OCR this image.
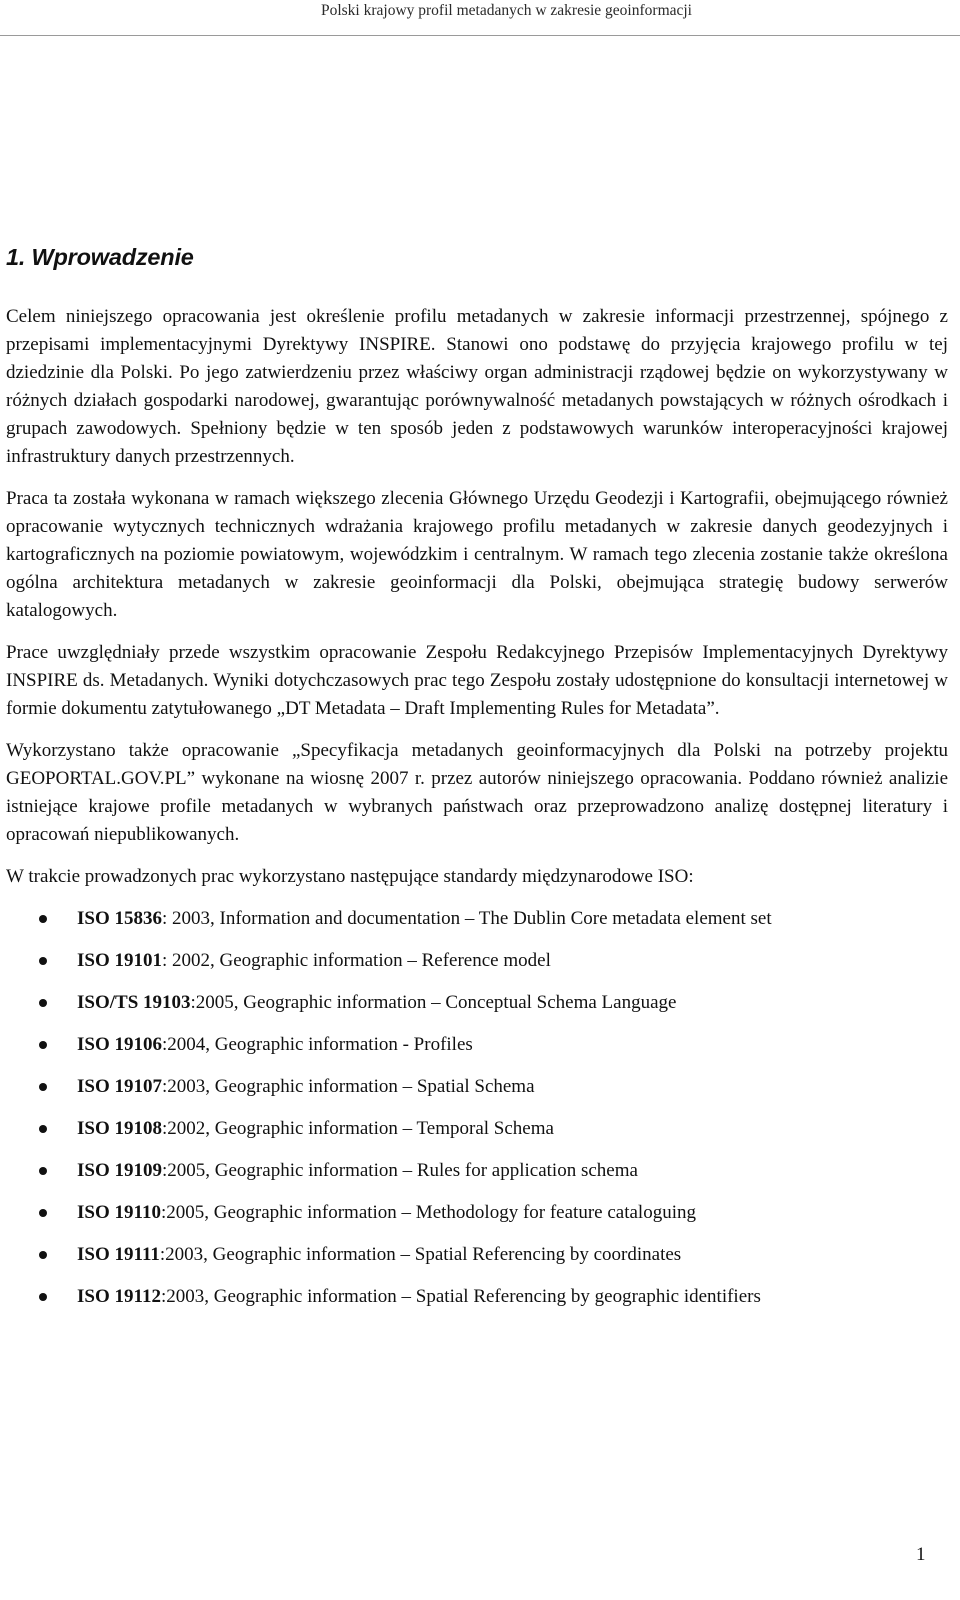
Polski krajowy profil metadanych w zakresie geoinformacji
1. Wprowadzenie

Celem niniejszego opracowania jest określenie profilu metadanych w zakresie informacji przestrzennej, spójnego z przepisami implementacyjnymi Dyrektywy INSPIRE. Stanowi ono podstawę do przyjęcia krajowego profilu w tej dziedzinie dla Polski. Po jego zatwierdzeniu przez właściwy organ administracji rządowej będzie on wykorzystywany w różnych działach gospodarki narodowej, gwarantując porównywalność metadanych powstających w różnych ośrodkach i grupach zawodowych. Spełniony będzie w ten sposób jeden z podstawowych warunków interoperacyjności krajowej infrastruktury danych przestrzennych.

Praca ta została wykonana w ramach większego zlecenia Głównego Urzędu Geodezji i Kartografii, obejmującego również opracowanie wytycznych technicznych wdrażania krajowego profilu metadanych w zakresie danych geodezyjnych i kartograficznych na poziomie powiatowym, wojewódzkim i centralnym. W ramach tego zlecenia zostanie także określona ogólna architektura metadanych w zakresie geoinformacji dla Polski, obejmująca strategię budowy serwerów katalogowych.

Prace uwzględniały przede wszystkim opracowanie Zespołu Redakcyjnego Przepisów Implementacyjnych Dyrektywy INSPIRE ds. Metadanych. Wyniki dotychczasowych prac tego Zespołu zostały udostępnione do konsultacji internetowej w formie dokumentu zatytułowanego „DT Metadata – Draft Implementing Rules for Metadata”.

Wykorzystano także opracowanie „Specyfikacja metadanych geoinformacyjnych dla Polski na potrzeby projektu GEOPORTAL.GOV.PL” wykonane na wiosnę 2007 r. przez autorów niniejszego opracowania. Poddano również analizie istniejące krajowe profile metadanych w wybranych państwach oraz przeprowadzono analizę dostępnej literatury i opracowań niepublikowanych.

W trakcie prowadzonych prac wykorzystano następujące standardy międzynarodowe ISO:

ISO 15836: 2003, Information and documentation – The Dublin Core metadata element set
ISO 19101: 2002, Geographic information – Reference model
ISO/TS 19103:2005, Geographic information – Conceptual Schema Language
ISO 19106:2004, Geographic information - Profiles
ISO 19107:2003, Geographic information – Spatial Schema
ISO 19108:2002, Geographic information – Temporal Schema
ISO 19109:2005, Geographic information – Rules for application schema
ISO 19110:2005, Geographic information – Methodology for feature cataloguing
ISO 19111:2003, Geographic information – Spatial Referencing by coordinates
ISO 19112:2003, Geographic information – Spatial Referencing by geographic identifiers
1
